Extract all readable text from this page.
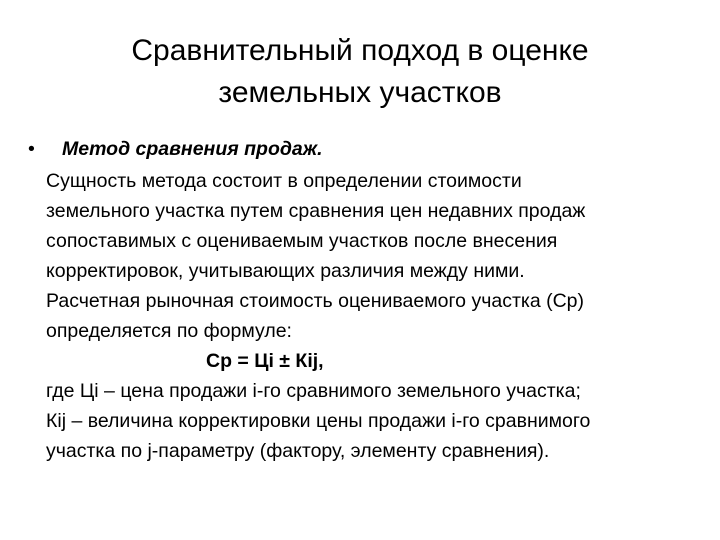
Сравнительный подход в оценке
земельных участков
• Метод сравнения продаж.
Сущность метода состоит в определении стоимости
земельного участка путем сравнения цен недавних продаж
сопоставимых с оцениваемым участков после внесения
корректировок, учитывающих различия между ними.
Расчетная рыночная стоимость оцениваемого участка (Ср)
определяется по формуле:
Ср = Цi ± Кij,
где Цi – цена продажи i-го сравнимого земельного участка;
Кij – величина корректировки цены продажи i-го сравнимого
участка по j-параметру (фактору, элементу сравнения).
